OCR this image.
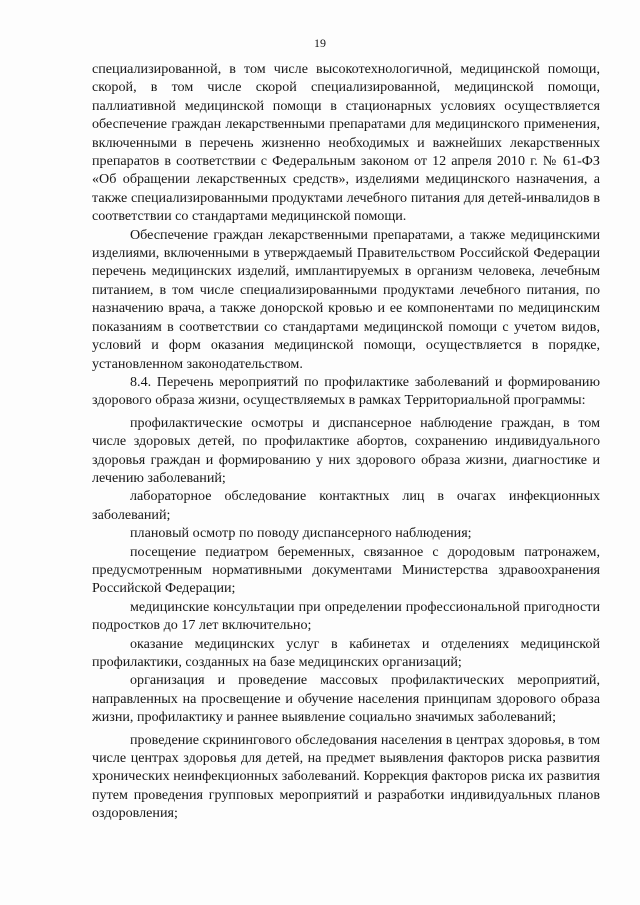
19

специализированной, в том числе высокотехнологичной, медицинской помощи, скорой, в том числе скорой специализированной, медицинской помощи, паллиативной медицинской помощи в стационарных условиях осуществляется обеспечение граждан лекарственными препаратами для медицинского применения, включенными в перечень жизненно необходимых и важнейших лекарственных препаратов в соответствии с Федеральным законом от 12 апреля 2010 г. № 61-ФЗ «Об обращении лекарственных средств», изделиями медицинского назначения, а также специализированными продуктами лечебного питания для детей-инвалидов в соответствии со стандартами медицинской помощи.

Обеспечение граждан лекарственными препаратами, а также медицинскими изделиями, включенными в утверждаемый Правительством Российской Федерации перечень медицинских изделий, имплантируемых в организм человека, лечебным питанием, в том числе специализированными продуктами лечебного питания, по назначению врача, а также донорской кровью и ее компонентами по медицинским показаниям в соответствии со стандартами медицинской помощи с учетом видов, условий и форм оказания медицинской помощи, осуществляется в порядке, установленном законодательством.

8.4. Перечень мероприятий по профилактике заболеваний и формированию здорового образа жизни, осуществляемых в рамках Территориальной программы:

профилактические осмотры и диспансерное наблюдение граждан, в том числе здоровых детей, по профилактике абортов, сохранению индивидуального здоровья граждан и формированию у них здорового образа жизни, диагностике и лечению заболеваний;

лабораторное обследование контактных лиц в очагах инфекционных заболеваний;

плановый осмотр по поводу диспансерного наблюдения;

посещение педиатром беременных, связанное с дородовым патронажем, предусмотренным нормативными документами Министерства здравоохранения Российской Федерации;

медицинские консультации при определении профессиональной пригодности подростков до 17 лет включительно;

оказание медицинских услуг в кабинетах и отделениях медицинской профилактики, созданных на базе медицинских организаций;

организация и проведение массовых профилактических мероприятий, направленных на просвещение и обучение населения принципам здорового образа жизни, профилактику и раннее выявление социально значимых заболеваний;

проведение скринингового обследования населения в центрах здоровья, в том числе центрах здоровья для детей, на предмет выявления факторов риска развития хронических неинфекционных заболеваний. Коррекция факторов риска их развития путем проведения групповых мероприятий и разработки индивидуальных планов оздоровления;
